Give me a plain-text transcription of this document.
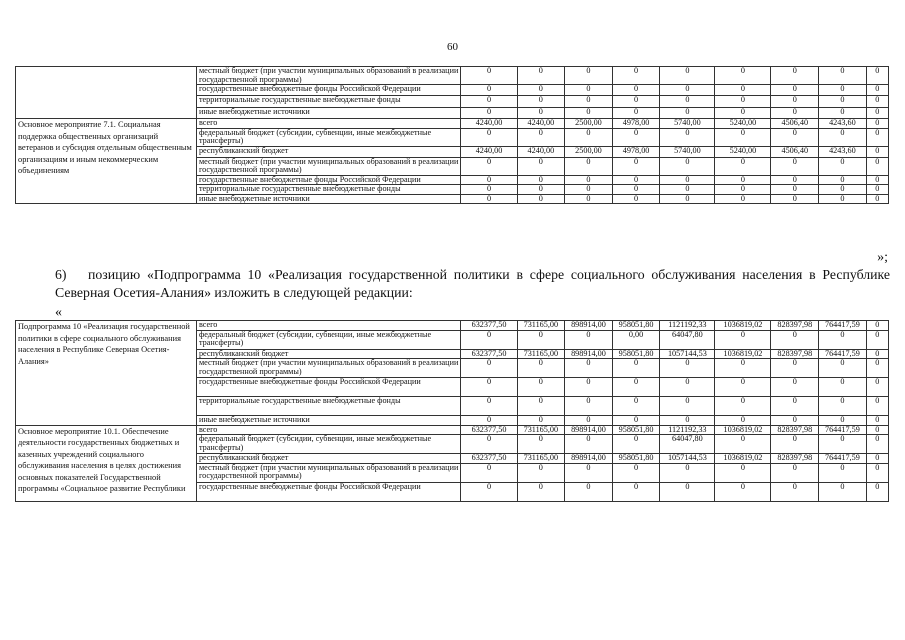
60
	местный бюджет (при участии муниципальных образований в реализации государственной программы)	0	0	0	0	0	0	0	0	0
	государственные внебюджетные фонды Российской Федерации	0	0	0	0	0	0	0	0	0
	территориальные государственные внебюджетные фонды	0	0	0	0	0	0	0	0	0
	иные внебюджетные источники	0	0	0	0	0	0	0	0	0
Основное мероприятие 7.1. Социальная поддержка общественных организаций ветеранов и субсидия отдельным общественным организациям и иным некоммерческим объединениям	всего	4240,00	4240,00	2500,00	4978,00	5740,00	5240,00	4506,40	4243,60	0
	федеральный бюджет (субсидии, субвенции, иные межбюджетные трансферты)	0	0	0	0	0	0	0	0	0
	республиканский бюджет	4240,00	4240,00	2500,00	4978,00	5740,00	5240,00	4506,40	4243,60	0
	местный бюджет (при участии муниципальных образований в реализации государственной программы)	0	0	0	0	0	0	0	0	0
	государственные внебюджетные фонды Российской Федерации	0	0	0	0	0	0	0	0	0
	территориальные государственные внебюджетные фонды	0	0	0	0	0	0	0	0	0
	иные внебюджетные источники	0	0	0	0	0	0	0	0	0
»;
6) позицию «Подпрограмма 10 «Реализация государственной политики в сфере социального обслуживания населения в Республике Северная Осетия-Алания» изложить в следующей редакции:
«
Подпрограмма 10 «Реализация государственной политики в сфере социального обслуживания населения в Республике Северная Осетия-Алания»	всего	632377,50	731165,00	898914,00	958051,80	1121192,33	1036819,02	828397,98	764417,59	0
	федеральный бюджет (субсидии, субвенции, иные межбюджетные трансферты)	0	0	0	0,00	64047,80	0	0	0	0
	республиканский бюджет	632377,50	731165,00	898914,00	958051,80	1057144,53	1036819,02	828397,98	764417,59	0
	местный бюджет (при участии муниципальных образований в реализации государственной программы)	0	0	0	0	0	0	0	0	0
	государственные внебюджетные фонды Российской Федерации	0	0	0	0	0	0	0	0	0
	территориальные государственные внебюджетные фонды	0	0	0	0	0	0	0	0	0
	иные внебюджетные источники	0	0	0	0	0	0	0	0	0
Основное мероприятие 10.1. Обеспечение деятельности государственных бюджетных и казенных учреждений социального обслуживания населения в целях достижения основных показателей Государственной программы «Социальное развитие Республики	всего	632377,50	731165,00	898914,00	958051,80	1121192,33	1036819,02	828397,98	764417,59	0
	федеральный бюджет (субсидии, субвенции, иные межбюджетные трансферты)	0	0	0	0	64047,80	0	0	0	0
	республиканский бюджет	632377,50	731165,00	898914,00	958051,80	1057144,53	1036819,02	828397,98	764417,59	0
	местный бюджет (при участии муниципальных образований в реализации государственной программы)	0	0	0	0	0	0	0	0	0
	государственные внебюджетные фонды Российской Федерации	0	0	0	0	0	0	0	0	0
